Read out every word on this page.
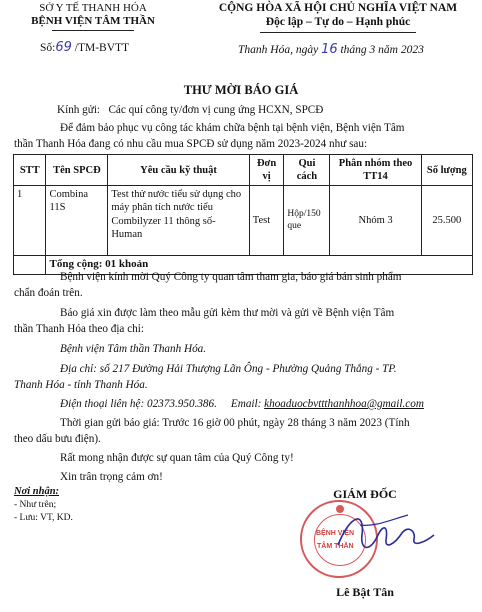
SỞ Y TẾ THANH HÓA
BỆNH VIỆN TÂM THẦN
CỘNG HÒA XÃ HỘI CHỦ NGHĨA VIỆT NAM
Độc lập – Tự do – Hạnh phúc
Số:69 /TM-BVTT	Thanh Hóa, ngày 16 tháng 3 năm 2023
THƯ MỜI BÁO GIÁ
Kính gửi: Các quí công ty/đơn vị cung ứng HCXN, SPCĐ
Để đảm bảo phục vụ công tác khám chữa bệnh tại bệnh viện, Bệnh viện Tâm
thần Thanh Hóa đang có nhu cầu mua SPCĐ sử dụng năm 2023-2024 như sau:
STT	Tên SPCĐ	Yêu cầu kỹ thuật	Đơn vị	Qui cách	Phân nhóm theo TT14	Số lượng
1	Combina 11S	Test thử nước tiểu sử dụng cho máy phân tích nước tiểu Combilyzer 11 thông số- Human	Test	Hộp/150 que	Nhóm 3	25.500
	Tổng cộng: 01 khoản					
Bệnh viện kính mời Quý Công ty quan tâm tham gia, báo giá bán sinh phẩm
chẩn đoán trên.
Báo giá xin được làm theo mẫu gửi kèm thư mời và gửi về Bệnh viện Tâm
thần Thanh Hóa theo địa chỉ:
Bệnh viện Tâm thần Thanh Hóa.
Địa chỉ: số 217 Đường Hải Thượng Lãn Ông - Phường Quảng Thắng - TP.
Thanh Hóa - tỉnh Thanh Hóa.
Điện thoại liên hệ: 02373.950.386. Email: khoaduocbvttthanhhoa@gmail.com
Thời gian gửi báo giá: Trước 16 giờ 00 phút, ngày 28 tháng 3 năm 2023 (Tính
theo dấu bưu điện).
Rất mong nhận được sự quan tâm của Quý Công ty!
Xin trân trọng cảm ơn!
Nơi nhận:
- Như trên;
- Lưu: VT, KD.
GIÁM ĐỐC
BỆNH VIỆN
TÂM THẦN
Lê Bật Tân
